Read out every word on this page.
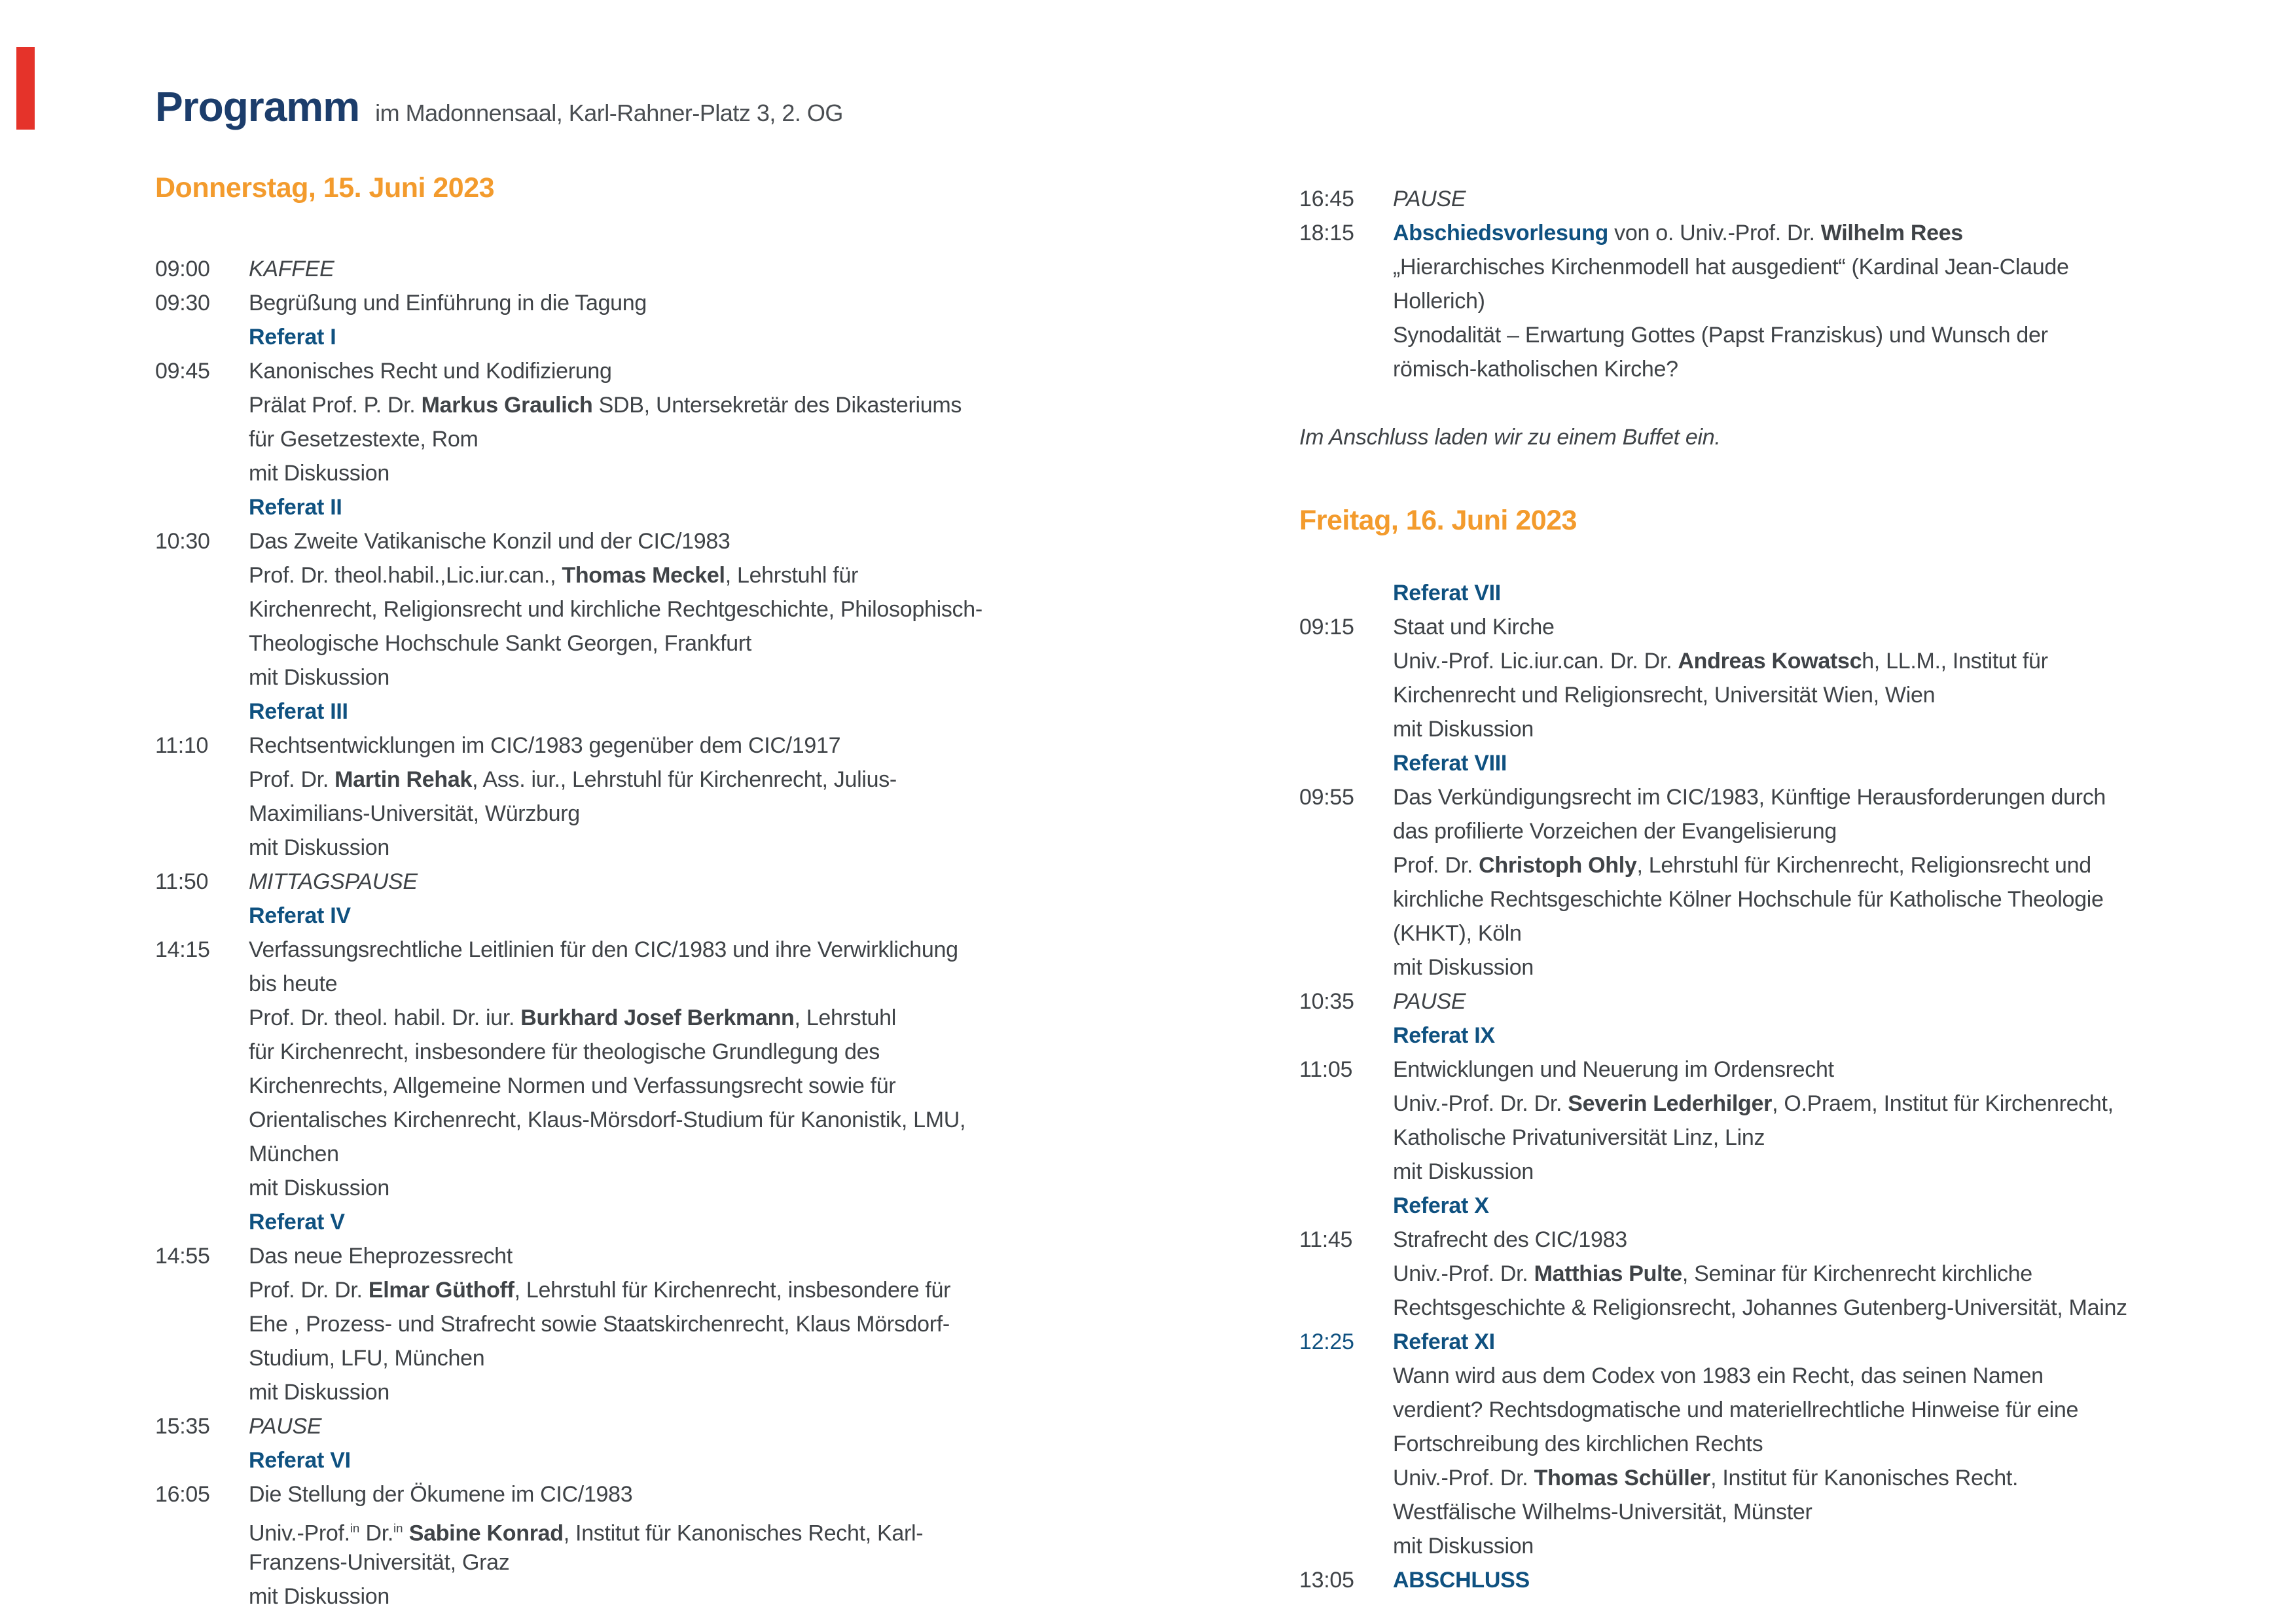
Programm im Madonnensaal, Karl-Rahner-Platz 3, 2. OG
Donnerstag, 15. Juni 2023
09:00	KAFFEE
09:30	Begrüßung und Einführung in die Tagung
Referat I
09:45	Kanonisches Recht und Kodifizierung
Prälat Prof. P. Dr. Markus Graulich SDB, Untersekretär des Dikasteriums
für Gesetzestexte, Rom
mit Diskussion
Referat II
10:30	Das Zweite Vatikanische Konzil und der CIC/1983
Prof. Dr. theol.habil.,Lic.iur.can., Thomas Meckel, Lehrstuhl für
Kirchenrecht, Religionsrecht und kirchliche Rechtgeschichte, Philosophisch-
Theologische Hochschule Sankt Georgen, Frankfurt
mit Diskussion
Referat III
11:10	Rechtsentwicklungen im CIC/1983 gegenüber dem CIC/1917
Prof. Dr. Martin Rehak, Ass. iur., Lehrstuhl für Kirchenrecht, Julius-
Maximilians-Universität, Würzburg
mit Diskussion
11:50	MITTAGSPAUSE
Referat IV
14:15	Verfassungsrechtliche Leitlinien für den CIC/1983 und ihre Verwirklichung
bis heute
Prof. Dr. theol. habil. Dr. iur. Burkhard Josef Berkmann, Lehrstuhl
für Kirchenrecht, insbesondere für theologische Grundlegung des
Kirchenrechts, Allgemeine Normen und Verfassungsrecht sowie für
Orientalisches Kirchenrecht, Klaus-Mörsdorf-Studium für Kanonistik, LMU,
München
mit Diskussion
Referat V
14:55	Das neue Eheprozessrecht
Prof. Dr. Dr. Elmar Güthoff, Lehrstuhl für Kirchenrecht, insbesondere für
Ehe , Prozess- und Strafrecht sowie Staatskirchenrecht, Klaus Mörsdorf-
Studium, LFU, München
mit Diskussion
15:35	PAUSE
Referat VI
16:05	Die Stellung der Ökumene im CIC/1983
Univ.-Prof.$^{in}$ Dr.$^{in}$ Sabine Konrad, Institut für Kanonisches Recht, Karl-
Franzens-Universität, Graz
mit Diskussion
16:45	PAUSE
18:15	Abschiedsvorlesung von o. Univ.-Prof. Dr. Wilhelm Rees
„Hierarchisches Kirchenmodell hat ausgedient“ (Kardinal Jean-Claude
Hollerich)
Synodalität – Erwartung Gottes (Papst Franziskus) und Wunsch der
römisch-katholischen Kirche?
Im Anschluss laden wir zu einem Buffet ein.
Freitag, 16. Juni 2023
Referat VII
09:15	Staat und Kirche
Univ.-Prof. Lic.iur.can. Dr. Dr. Andreas Kowatsch, LL.M., Institut für
Kirchenrecht und Religionsrecht, Universität Wien, Wien
mit Diskussion
Referat VIII
09:55	Das Verkündigungsrecht im CIC/1983, Künftige Herausforderungen durch
das profilierte Vorzeichen der Evangelisierung
Prof. Dr. Christoph Ohly, Lehrstuhl für Kirchenrecht, Religionsrecht und
kirchliche Rechtsgeschichte Kölner Hochschule für Katholische Theologie
(KHKT), Köln
mit Diskussion
10:35	PAUSE
Referat IX
11:05	Entwicklungen und Neuerung im Ordensrecht
Univ.-Prof. Dr. Dr. Severin Lederhilger, O.Praem, Institut für Kirchenrecht,
Katholische Privatuniversität Linz, Linz
mit Diskussion
Referat X
11:45	Strafrecht des CIC/1983
Univ.-Prof. Dr. Matthias Pulte, Seminar für Kirchenrecht kirchliche
Rechtsgeschichte & Religionsrecht, Johannes Gutenberg-Universität, Mainz
12:25	Referat XI
Wann wird aus dem Codex von 1983 ein Recht, das seinen Namen
verdient? Rechtsdogmatische und materiellrechtliche Hinweise für eine
Fortschreibung des kirchlichen Rechts
Univ.-Prof. Dr. Thomas Schüller, Institut für Kanonisches Recht.
Westfälische Wilhelms-Universität, Münster
mit Diskussion
13:05	ABSCHLUSS
